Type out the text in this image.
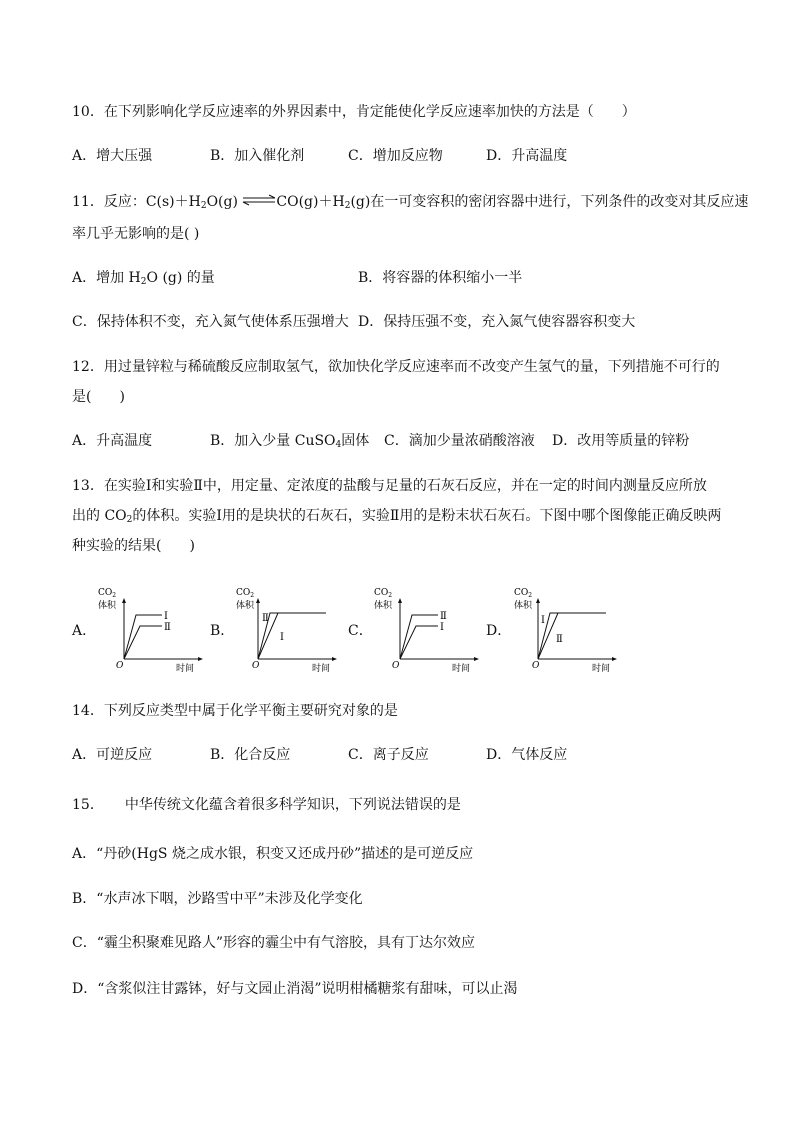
10．在下列影响化学反应速率的外界因素中，肯定能使化学反应速率加快的方法是（　　）
A．增大压强	B．加入催化剂	C．增加反应物	D．升高温度
11．反应：$C(s)+H_2O(g)$ $\rightleftharpoons CO(g)+H_2(g)$在一可变容积的密闭容器中进行，下列条件的改变对其反应速
率几乎无影响的是( )
A．增加 $H_2O$ (g) 的量	B．将容器的体积缩小一半
C．保持体积不变，充入氮气使体系压强增大 D．保持压强不变，充入氮气使容器容积变大
12．用过量锌粒与稀硫酸反应制取氢气，欲加快化学反应速率而不改变产生氢气的量，下列措施不可行的
是(　　)
A．升高温度	B．加入少量 CuSO$_4$固体 C．滴加少量浓硝酸溶液 D．改用等质量的锌粉
13．在实验Ⅰ和实验Ⅱ中，用定量、定浓度的盐酸与足量的石灰石反应，并在一定的时间内测量反应所放
出的 $CO_2$的体积。实验Ⅰ用的是块状的石灰石，实验Ⅱ用的是粉末状石灰石。下图中哪个图像能正确反映两
种实验的结果(　　)
A．	B．	C．	D．
$CO_2$
体积
O	时间
Ⅰ
Ⅱ
$CO_2$
体积
O	时间
Ⅱ
Ⅰ
$CO_2$
体积
O	时间
Ⅱ
Ⅰ
$CO_2$
体积
O	时间
Ⅰ
Ⅱ
14．下列反应类型中属于化学平衡主要研究对象的是
A．可逆反应	B．化合反应	C．离子反应	D．气体反应
15．　　中华传统文化蕴含着很多科学知识，下列说法错误的是
A．“丹砂(HgS 烧之成水银，积变又还成丹砂”描述的是可逆反应
B．“水声冰下咽，沙路雪中平”未涉及化学变化
C．“霾尘积聚难见路人”形容的霾尘中有气溶胶，具有丁达尔效应
D．“含浆似注甘露钵，好与文园止消渴”说明柑橘糖浆有甜味，可以止渴
